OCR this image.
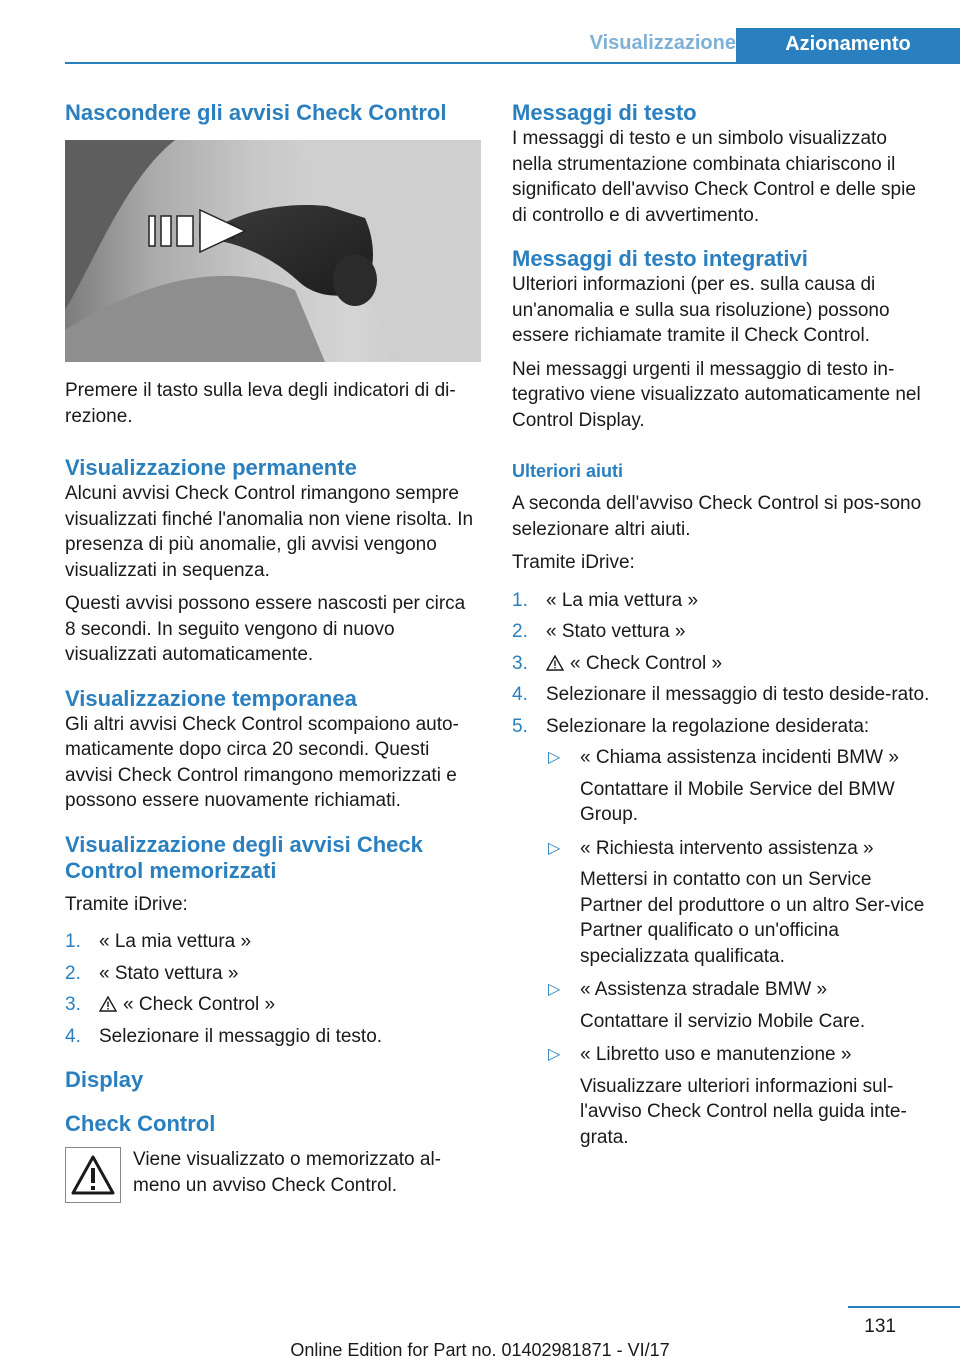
Visualizzazione	Azionamento
Nascondere gli avvisi Check Control

Premere il tasto sulla leva degli indicatori di di-rezione.

Visualizzazione permanente

Alcuni avvisi Check Control rimangono sempre visualizzati finché l'anomalia non viene risolta. In presenza di più anomalie, gli avvisi vengono visualizzati in sequenza.

Questi avvisi possono essere nascosti per circa 8 secondi. In seguito vengono di nuovo visualizzati automaticamente.

Visualizzazione temporanea

Gli altri avvisi Check Control scompaiono auto-maticamente dopo circa 20 secondi. Questi avvisi Check Control rimangono memorizzati e possono essere nuovamente richiamati.

Visualizzazione degli avvisi Check Control memorizzati

Tramite iDrive:

1. « La mia vettura »
2. « Stato vettura »
3. « Check Control »
4. Selezionare il messaggio di testo.
Display
Check Control

Viene visualizzato o memorizzato al-meno un avviso Check Control.

Messaggi di testo

I messaggi di testo e un simbolo visualizzato nella strumentazione combinata chiariscono il significato dell'avviso Check Control e delle spie di controllo e di avvertimento.

Messaggi di testo integrativi

Ulteriori informazioni (per es. sulla causa di un'anomalia e sulla sua risoluzione) possono essere richiamate tramite il Check Control.

Nei messaggi urgenti il messaggio di testo in-tegrativo viene visualizzato automaticamente nel Control Display.

Ulteriori aiuti

A seconda dell'avviso Check Control si pos-sono selezionare altri aiuti.

Tramite iDrive:

1. « La mia vettura »
2. « Stato vettura »
3. « Check Control »
4. Selezionare il messaggio di testo deside-rato.
5. Selezionare la regolazione desiderata:
▷ « Chiama assistenza incidenti BMW »

Contattare il Mobile Service del BMW Group.

▷ « Richiesta intervento assistenza »

Mettersi in contatto con un Service Partner del produttore o un altro Ser-vice Partner qualificato o un'officina specializzata qualificata.

▷ « Assistenza stradale BMW »

Contattare il servizio Mobile Care.

▷ « Libretto uso e manutenzione »

Visualizzare ulteriori informazioni sul-l'avviso Check Control nella guida inte-grata.

131
Online Edition for Part no. 01402981871 - VI/17
